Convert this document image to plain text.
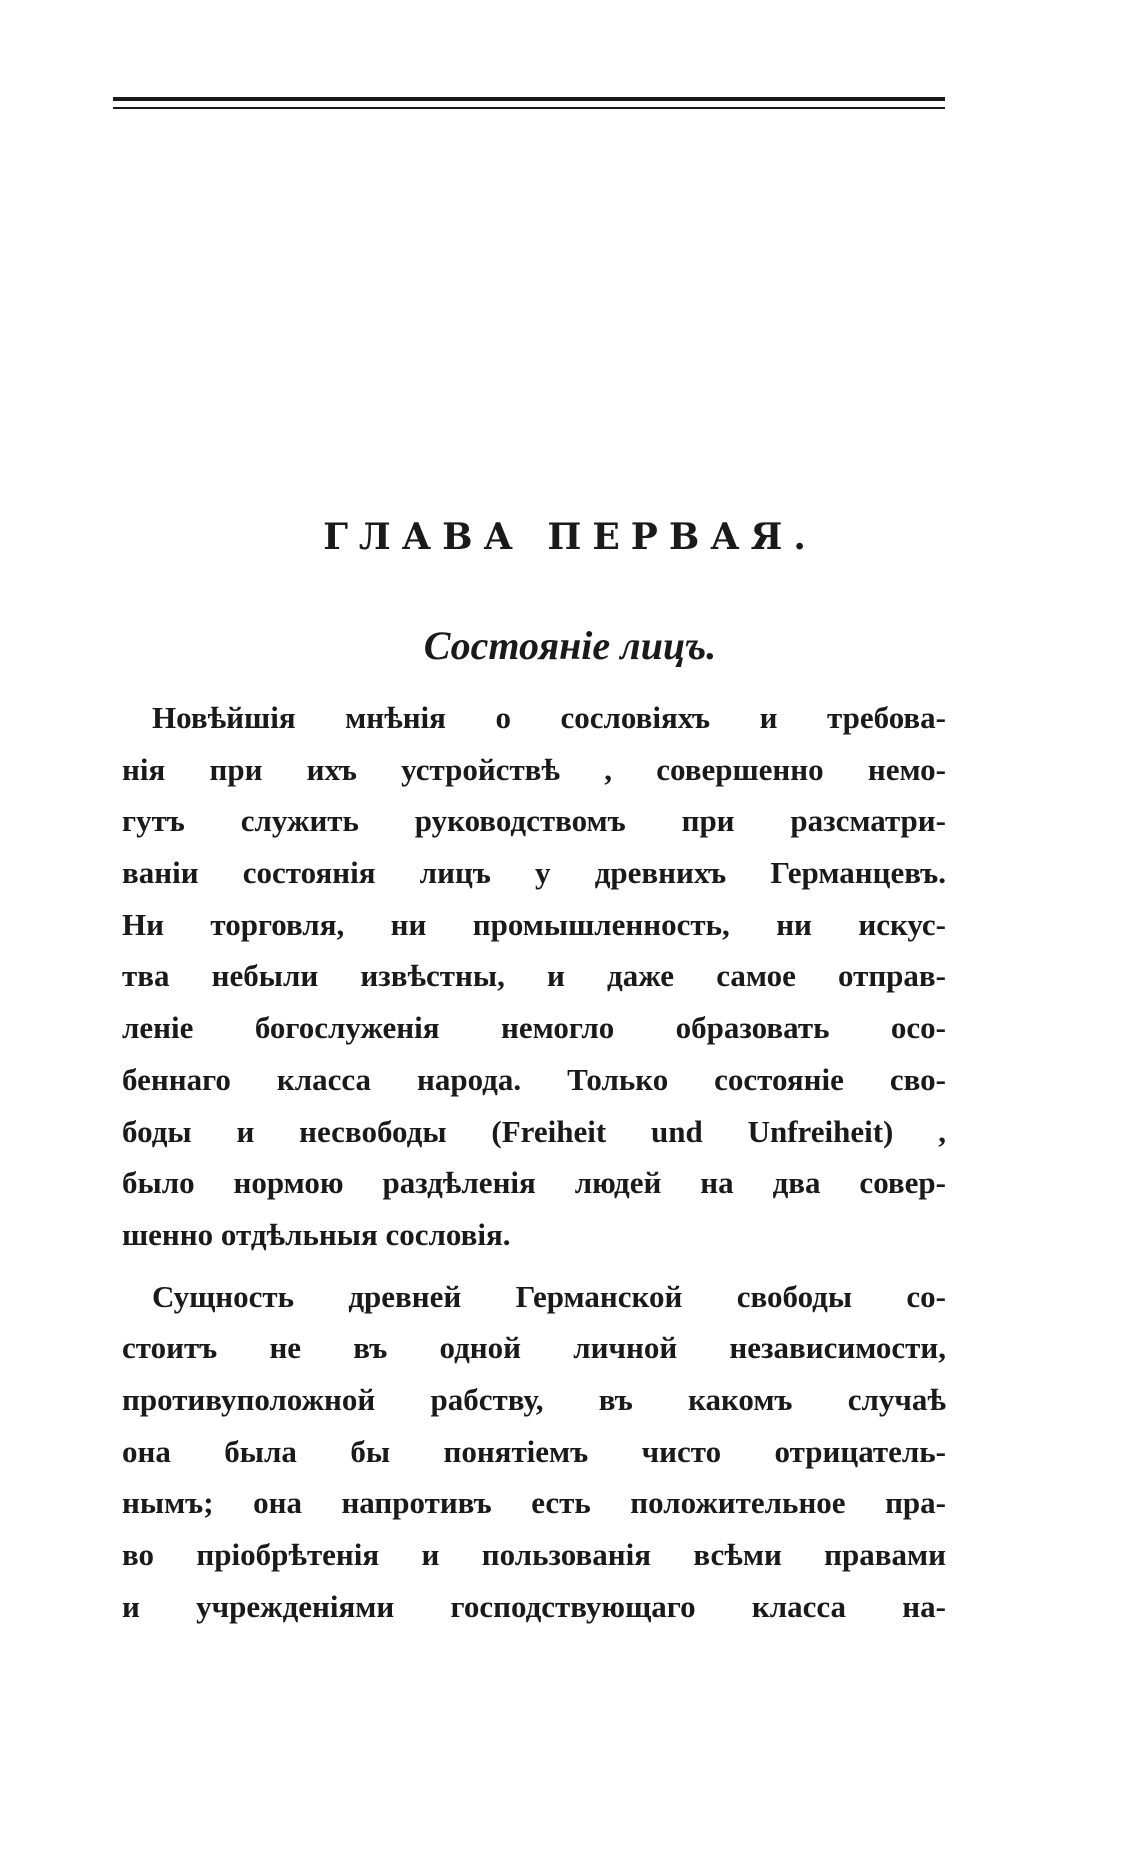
ГЛАВА ПЕРВАЯ.
Состоянiе лицъ.
Новѣйшiя мнѣнiя о сословiяхъ и требова-
нiя при ихъ устройствѣ , совершенно немо-
гутъ служить руководствомъ при разсматри-
ванiи состоянiя лицъ у древнихъ Германцевъ.
Ни торговля, ни промышленность, ни искус-
тва небыли извѣстны, и даже самое отправ-
ленiе богослуженiя немогло образовать осо-
беннаго класса народа. Только состоянiе сво-
боды и несвободы (Freiheit und Unfreiheit) ,
было нормою раздѣленiя людей на два совер-
шенно отдѣльныя сословiя.
Сущность древней Германской свободы со-
стоитъ не въ одной личной независимости,
противуположной рабству, въ какомъ случаѣ
она была бы понятiемъ чисто отрицатель-
нымъ; она напротивъ есть положительное пра-
во прiобрѣтенiя и пользованiя всѣми правами
и учрежденiями господствующаго класса на-
